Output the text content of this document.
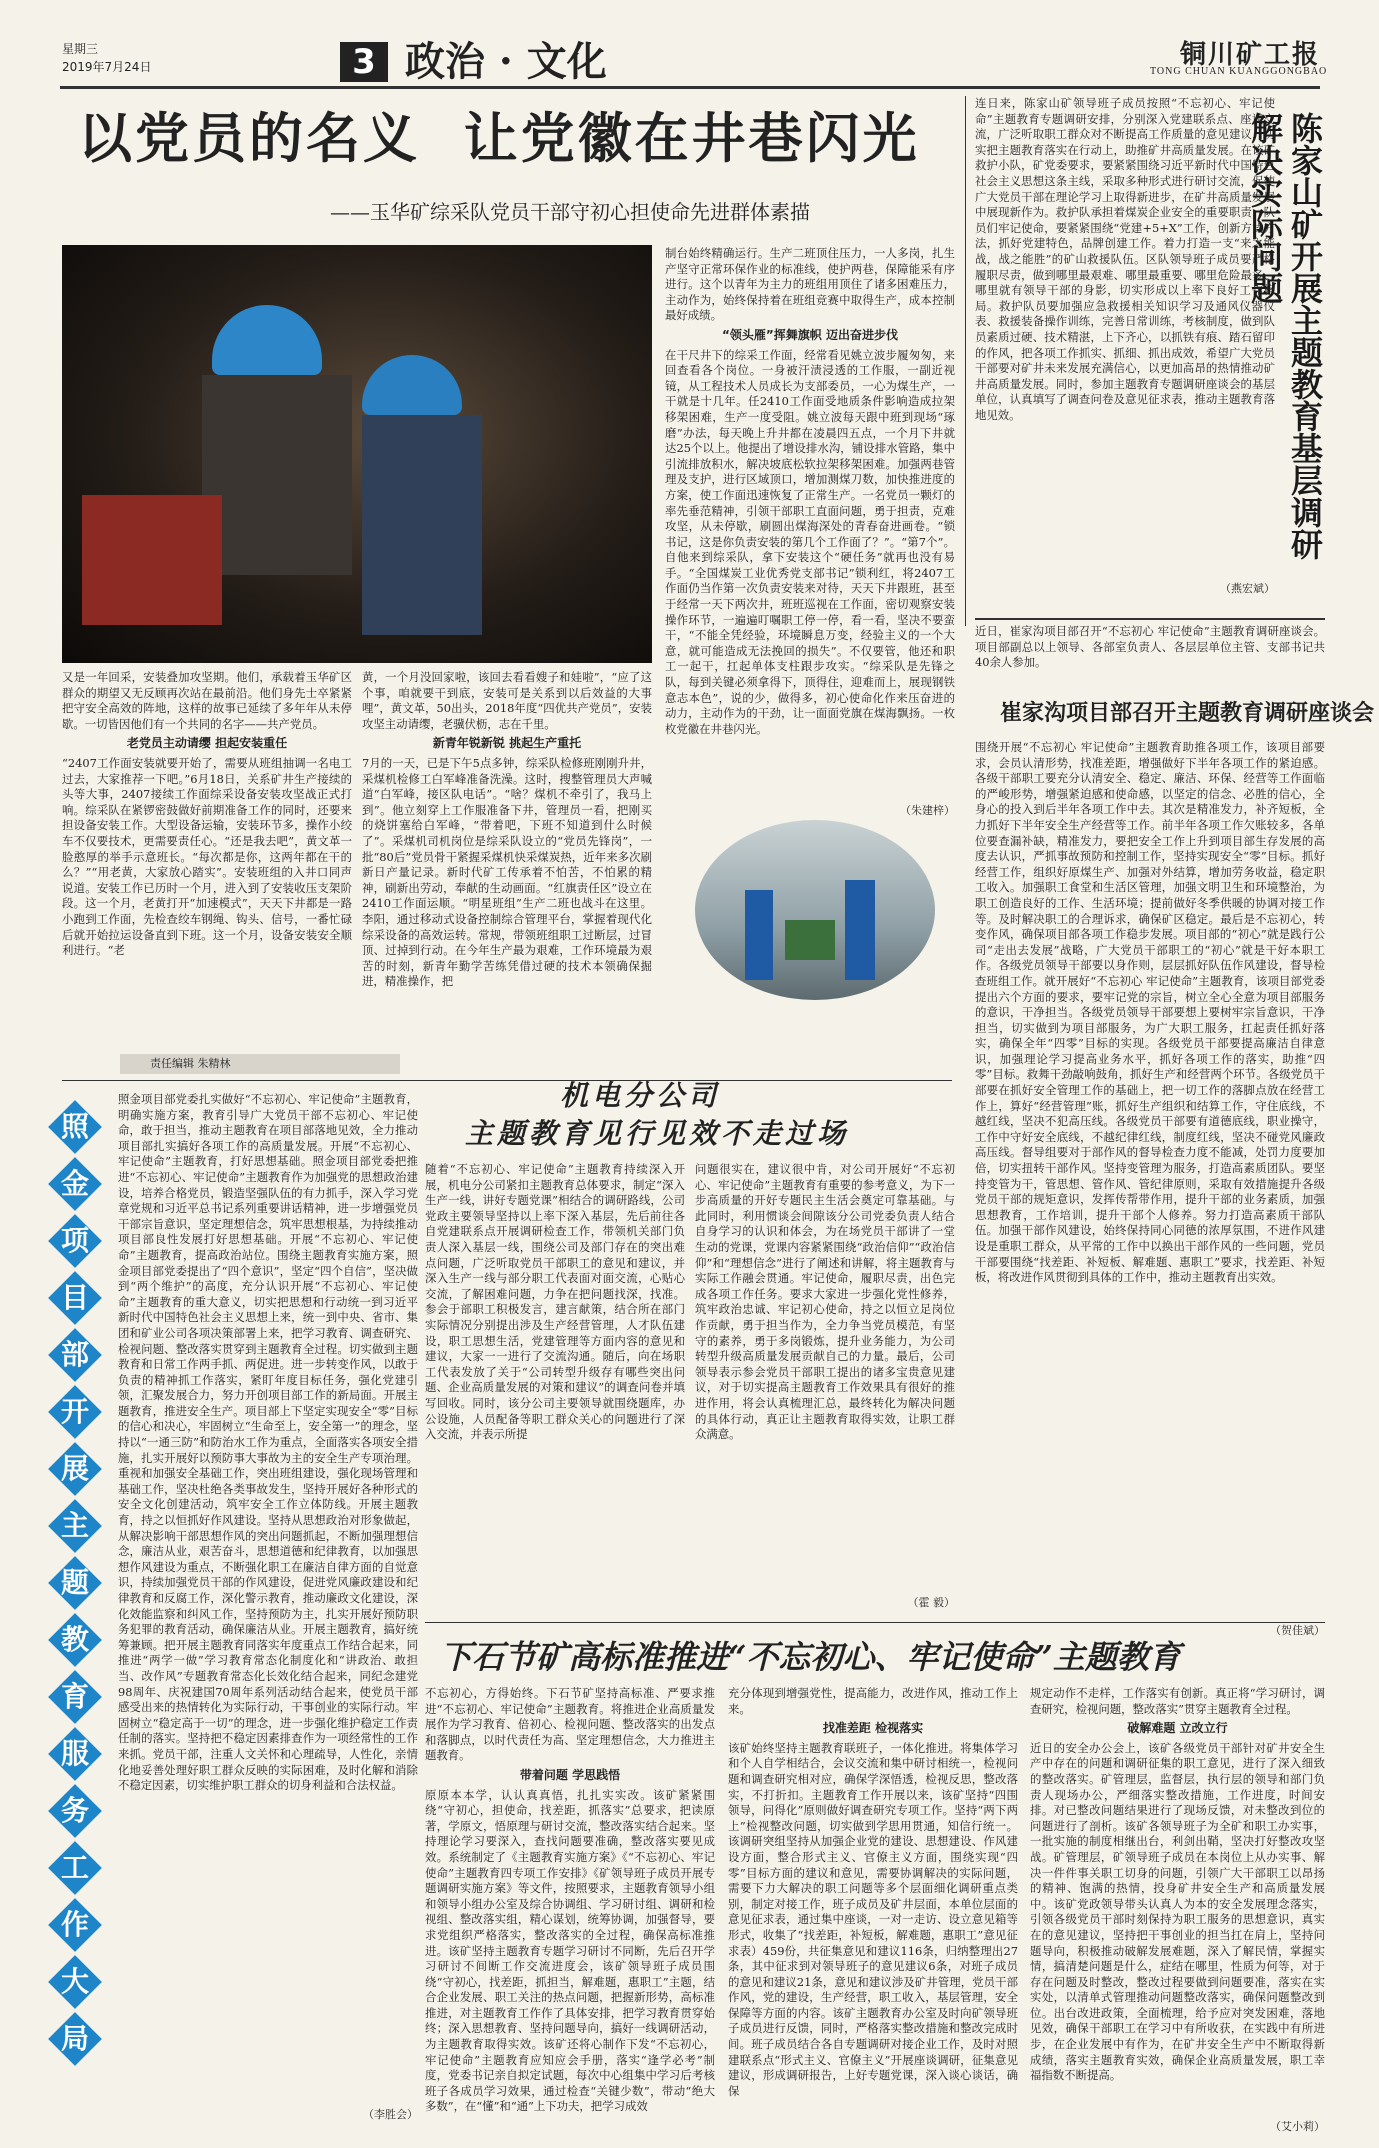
星期三
2019年7月24日	3 政治 · 文化	铜川矿工报
TONG CHUAN KUANGGONGBAO
以党员的名义  让党徽在井巷闪光
——玉华矿综采队党员干部守初心担使命先进群体素描
又是一年回采，安装叠加攻坚期。他们，承载着玉华矿区群众的期望又无反顾再次站在最前沿。他们身先士卒紧紧把守安全高效的阵地，这样的故事已延续了多年年从未停歇。一切皆因他们有一个共同的名字——共产党员。
老党员主动请缨 担起安装重任
“2407工作面安装就要开始了，需要从班组抽调一名电工过去，大家推荐一下吧。”6月18日，关系矿井生产接续的头等大事，2407接续工作面综采设备安装攻坚战正式打响。综采队在紧锣密鼓做好前期准备工作的同时，还要来担设备安装工作。大型设备运输，安装环节多，操作小绞车不仅要技术，更需要责任心。“还是我去吧”，黄文革一脸憨厚的举手示意班长。“每次都是你，这两年都在干的么？”“用老黄，大家放心踏实”。安装班组的入井口同声说道。安装工作已历时一个月，进入到了安装收压支架阶段。这一个月，老黄打开“加速模式”，天天下井都是一路小跑到工作面，先检查绞车钢绳、钩头、信号，一番忙碌后就开始拉运设备直到下班。这一个月，设备安装安全顺利进行。“老
黄，一个月没回家啦，该回去看看嫂子和娃啦”，“应了这个事，咱就要干到底，安装可是关系到以后效益的大事哩”，黄文革，50出头，2018年度“四优共产党员”，安装攻坚主动请缨，老骥伏枥，志在千里。
新青年锐新锐 挑起生产重托
7月的一天，已是下午5点多钟，综采队检修班刚刚升井，采煤机检修工白军峰准备洗澡。这时，搜整管理员大声喊道“白军峰，接区队电话”。“啥？煤机不牵引了，我马上到”。他立刻穿上工作服准备下井，管理员一看，把刚买的烧饼塞给白军峰，“带着吧，下班不知道到什么时候了”。采煤机司机岗位是综采队设立的“党员先锋岗”，一批“80后”党员骨干紧握采煤机快采煤炭热，近年来多次刷新日产量记录。新时代矿工传承着不怕苦，不怕累的精神，刷新出劳动，奉献的生动画面。“红旗责任区”设立在2410工作面运顺。“明星班组”生产二班也战斗在这里。李阳，通过移动式设备控制综合管理平台，掌握着现代化综采设备的高效运转。常规，带领班组职工过断层，过冒顶、过掉到行动。在今年生产最为艰难，工作环境最为艰苦的时刻，新青年勤学苦练凭借过硬的技术本领确保掘进，精准操作，把
制台始终精确运行。生产二班顶住压力，一人多岗，扎生产坚守正常环保作业的标准线，使护两巷，保障能采有序进行。这个以青年为主力的班组用顶住了诸多困难压力，主动作为，始终保持着在班组竞赛中取得生产，成本控制最好成绩。
“领头雁”挥舞旗帜 迈出奋进步伐
在干尺井下的综采工作面，经常看见姚立波步履匆匆，来回查看各个岗位。一身被汗渍浸透的工作服，一副近视镜，从工程技术人员成长为支部委员，一心为煤生产，一干就是十几年。任2410工作面受地质条件影响造成拉架移架困难，生产一度受阻。姚立波每天跟中班到现场“琢磨”办法，每天晚上升井都在凌晨四五点，一个月下井就达25个以上。他提出了增设排水沟，铺设排水管路，集中引流排放积水，解决坡底松软拉架移架困难。加强两巷管理及支护，进行区域顶口，增加测煤刀数，加快推进度的方案，使工作面迅速恢复了正常生产。一名党员一颗灯的率先垂范精神，引领干部职工直面问题，勇于担责，克难攻坚，从未停歇，刷圆出煤海深处的青春奋进画卷。“锁书记，这是你负责安装的第几个工作面了？”。“第7个”。自他来到综采队，拿下安装这个“硬任务”就再也没有易手。“全国煤炭工业优秀党支部书记”锁利红，将2407工作面仍当作第一次负责安装来对待，天天下井跟班，甚至于经常一天下两次井，班班巡视在工作面，密切观察安装操作环节，一遍遍叮嘱职工停一停，看一看，坚决不要蛮干，“不能全凭经验，环境瞬息万变，经验主义的一个大意，就可能造成无法挽回的损失”。不仅要管，他还和职工一起干，扛起单体支柱跟步攻实。“综采队是先锋之队，每到关键必须拿得下，顶得住，迎难而上，展现钢铁意志本色”，说的少，做得多，初心使命化作来压奋进的动力，主动作为的干劲，让一面面党旗在煤海飘扬。一枚枚党徽在井巷闪光。
（朱建梓）
责任编辑 朱精林
连日来，陈家山矿领导班子成员按照“不忘初心、牢记使命”主题教育专题调研安排，分别深入党建联系点、座谈交流，广泛听取职工群众对不断提高工作质量的意见建议，切实把主题教育落实在行动上，助推矿井高质量发展。在该矿救护小队，矿党委要求，要紧紧围绕习近平新时代中国特色社会主义思想这条主线，采取多种形式进行研讨交流，促使广大党员干部在理论学习上取得新进步，在矿井高质量发展中展现新作为。救护队承担着煤炭企业安全的重要职责，队员们牢记使命，要紧紧围绕“党建+5+X”工作，创新方式方法，抓好党建特色，品牌创建工作。着力打造一支“来之能战，战之能胜”的矿山救援队伍。区队领导班子成员要严格履职尽责，做到哪里最艰难、哪里最重要、哪里危险最多、哪里就有领导干部的身影，切实形成以上率下良好工作格局。救护队员要加强应急救援相关知识学习及通风仪器仪表、救援装备操作训练，完善日常训练，考核制度，做到队员素质过硬、技术精湛，上下齐心，以抓铁有痕、踏石留印的作风，把各项工作抓实、抓细、抓出成效，希望广大党员干部要对矿井未来发展充满信心，以更加高昂的热情推动矿井高质量发展。同时，参加主题教育专题调研座谈会的基层单位，认真填写了调查问卷及意见征求表，推动主题教育落地见效。
（燕宏斌）
陈家山矿开展主题教育基层调研解决实际问题
近日，崔家沟项目部召开“不忘初心 牢记使命”主题教育调研座谈会。项目部副总以上领导、各部室负责人、各层层单位主管、支部书记共40余人参加。
崔家沟项目部召开主题教育调研座谈会
围绕开展“不忘初心 牢记使命”主题教育助推各项工作，该项目部要求，会员认清形势，找准差距，增强做好下半年各项工作的紧迫感。各级干部职工要充分认清安全、稳定、廉洁、环保、经营等工作面临的严峻形势，增强紧迫感和使命感，以坚定的信念、必胜的信心，全身心的投入到后半年各项工作中去。其次是精准发力，补齐短板，全力抓好下半年安全生产经营等工作。前半年各项工作欠账较多，各单位要查漏补缺，精准发力，要把安全工作上升到项目部生存发展的高度去认识，严抓事故预防和控制工作，坚持实现安全“零”目标。抓好经营工作，组织好原煤生产、加强对外结算，增加劳务收益，稳定职工收入。加强职工食堂和生活区管理，加强文明卫生和环境整治，为职工创造良好的工作、生活环境；提前做好冬季供暖的协调对接工作等。及时解决职工的合理诉求，确保矿区稳定。最后是不忘初心，转变作风，确保项目部各项工作稳步发展。项目部的“初心”就是践行公司“走出去发展”战略，广大党员干部职工的“初心”就是干好本职工作。各级党员领导干部要以身作则，层层抓好队伍作风建设，督导检查班组工作。就开展好“不忘初心 牢记使命”主题教育，该项目部党委提出六个方面的要求，要牢记党的宗旨，树立全心全意为项目部服务的意识，干净担当。各级党员领导干部要想上要树牢宗旨意识，干净担当，切实做到为项目部服务，为广大职工服务，扛起责任抓好落实，确保全年“四零”目标的实现。各级党员干部要提高廉洁自律意识，加强理论学习提高业务水平，抓好各项工作的落实，助推“四零”目标。救舞干劲敲响鼓角，抓好生产和经营两个环节。各级党员干部要在抓好安全管理工作的基础上，把一切工作的落脚点放在经营工作上，算好“经营管理”账，抓好生产组织和结算工作，守住底线，不越红线，坚决不犯高压线。各级党员干部要有道德底线，职业操守，工作中守好安全底线，不越纪律红线，制度红线，坚决不碰党风廉政高压线。督导组要对于部作风的督导检查力度不能减，处罚力度要加倍，切实扭转干部作风。坚持变管理为服务，打造高素质团队。要坚持变管为干，管思想、管作风、管纪律原则，采取有效措施提升各级党员干部的规矩意识，发挥传帮带作用，提升干部的业务素质，加强思想教育，工作培训，提升干部个人修养。努力打造高素质干部队伍。加强干部作风建设，始终保持同心同德的浓厚氛围，不进作风建设是重职工群众，从平常的工作中以换出干部作风的一些问题，党员干部要围绕“找差距、补短板、解难题、惠职工”要求，找差距、补短板，将改进作风贯彻到具体的工作中，推动主题教育出实效。
（贺佳斌）
照
金
项
目
部
开
展
主
题
教
育
服
务
工
作
大
局
照金项目部党委扎实做好“不忘初心、牢记使命”主题教育，明确实施方案，教育引导广大党员干部不忘初心、牢记使命，敢于担当，推动主题教育在项目部落地见效，全力推动项目部扎实搞好各项工作的高质量发展。开展“不忘初心、牢记使命”主题教育，打好思想基础。照金项目部党委把推进“不忘初心、牢记使命”主题教育作为加强党的思想政治建设，培养合格党员，锻造坚强队伍的有力抓手，深入学习党章党规和习近平总书记系列重要讲话精神，进一步增强党员干部宗旨意识，坚定理想信念，筑牢思想根基，为持续推动项目部良性发展打好思想基础。开展“不忘初心、牢记使命”主题教育，提高政治站位。围绕主题教育实施方案，照金项目部党委提出了“四个意识”，坚定“四个自信”，坚决做到“两个维护”的高度，充分认识开展“不忘初心、牢记使命”主题教育的重大意义，切实把思想和行动统一到习近平新时代中国特色社会主义思想上来，统一到中央、省市、集团和矿业公司各项决策部署上来，把学习教育、调查研究、检视问题、整改落实贯穿到主题教育全过程。切实做到主题教育和日常工作两手抓、两促进。进一步转变作风，以敢于负责的精神抓工作落实，紧盯年度目标任务，强化党建引领，汇聚发展合力，努力开创项目部工作的新局面。开展主题教育，推进安全生产。项目部上下坚定实现安全“零”目标的信心和决心，牢固树立“生命至上，安全第一”的理念，坚持以“一通三防”和防治水工作为重点，全面落实各项安全措施，扎实开展好以预防事大事故为主的安全生产专项治理。重视和加强安全基础工作，突出班组建设，强化现场管理和基础工作，坚决杜绝各类事故发生，坚持开展好各种形式的安全文化创建活动，筑牢安全工作立体防线。开展主题教育，持之以恒抓好作风建设。坚持从思想政治对形象做起，从解决影响干部思想作风的突出问题抓起，不断加强理想信念，廉洁从业，艰苦奋斗，思想道德和纪律教育，以加强思想作风建设为重点，不断强化职工在廉洁自律方面的自觉意识，持续加强党员干部的作风建设，促进党风廉政建设和纪律教育和反腐工作，深化警示教育，推动廉政文化建设，深化效能监察和纠风工作，坚持预防为主，扎实开展好预防职务犯罪的教育活动，确保廉洁从业。开展主题教育，搞好统筹兼顾。把开展主题教育同落实年度重点工作结合起来，同推进“两学一做”学习教育常态化制度化和“讲政治、敢担当、改作风”专题教育常态化长效化结合起来，同纪念建党98周年、庆祝建国70周年系列活动结合起来，使党员干部感受出来的热情转化为实际行动，干事创业的实际行动。牢固树立“稳定高于一切”的理念，进一步强化维护稳定工作责任制的落实。坚持把不稳定因素排查作为一项经常性的工作来抓。党员干部，注重人文关怀和心理疏导，人性化，亲情化地妥善处理好职工群众反映的实际困难，及时化解和消除不稳定因素，切实维护职工群众的切身利益和合法权益。
（李胜会）
机电分公司
主题教育见行见效不走过场
随着“不忘初心、牢记使命”主题教育持续深入开展，机电分公司紧扣主题教育总体要求，制定“深入生产一线，讲好专题党课”相结合的调研路线，公司党政主要领导坚持以上率下深入基层，先后前往各自党建联系点开展调研检查工作，带领机关部门负责人深入基层一线，围绕公司及部门存在的突出难点问题，广泛听取党员干部职工的意见和建议，并深入生产一线与部分职工代表面对面交流，心贴心交流，了解困难问题，力争在把问题找深，找准。参会于部职工积极发言，建言献策，结合所在部门实际情况分别提出涉及生产经营管理，人才队伍建设，职工思想生活，党建管理等方面内容的意见和建议，大家一一进行了交流沟通。随后，向在场职工代表发放了关于“公司转型升级存有哪些突出问题、企业高质量发展的对策和建议”的调查问卷并填写回收。同时，该分公司主要领导就围绕题库，办公设施，人员配备等职工群众关心的问题进行了深入交流，并表示所提
问题很实在，建议很中肯，对公司开展好“不忘初心、牢记使命”主题教育有重要的参考意义，为下一步高质量的开好专题民主生活会奠定可靠基础。与此同时，利用惯谈会间隙该分公司党委负责人结合自身学习的认识和体会，为在场党员干部讲了一堂生动的党课，党课内容紧紧围绕“政治信仰”“政治信仰”和“理想信念”进行了阐述和讲解，将主题教育与实际工作融会贯通。牢记使命，履职尽责，出色完成各项工作任务。要求大家进一步强化党性修养，筑牢政治忠诚、牢记初心使命，持之以恒立足岗位作贡献，勇于担当作为，全力争当党员模范，有坚守的素养，勇于多岗锻炼，提升业务能力，为公司转型升级高质量发展贡献自己的力量。最后，公司领导表示参会党员干部职工提出的诸多宝贵意见建议，对于切实提高主题教育工作效果具有很好的推进作用，将会认真梳理汇总，最终转化为解决问题的具体行动，真正让主题教育取得实效，让职工群众满意。
（霍 毅）
下石节矿高标准推进“不忘初心、牢记使命”主题教育
不忘初心，方得始终。下石节矿坚持高标准、严要求推进“不忘初心、牢记使命”主题教育。将推进企业高质量发展作为学习教育、倍初心、检视问题、整改落实的出发点和落脚点，以时代责任为高、坚定理想信念，大力推进主题教育。
带着问题 学思践悟
原原本本学，认认真真悟，扎扎实实改。该矿紧紧围绕“守初心，担使命，找差距，抓落实”总要求，把读原著，学原文，悟原理与研讨交流，整改落实结合起来。坚持理论学习要深入，查找问题要准确，整改落实要见成效。系统制定了《主题教育实施方案》《“不忘初心、牢记使命”主题教育四专项工作安排》《矿领导班子成员开展专题调研实施方案》等文件，按照要求，主题教育领导小组和领导小组办公室及综合协调组、学习研讨组、调研和检视组、整改落实组，精心谋划，统筹协调，加强督导，要求党组织严格落实，整改落实的全过程，确保高标准推进。该矿坚持主题教育专题学习研讨不同断，先后召开学习研讨不间断工作交流进度会，该矿领导班子成员围绕“守初心，找差距，抓担当，解难题，惠职工”主题，结合企业发展、职工关注的热点问题，把握新形势，高标准推进，对主题教育工作作了具体安排，把学习教育贯穿始终；深入思想教育、坚持问题导向，搞好一线调研活动，为主题教育取得实效。该矿还将心制作下发“不忘初心，牢记使命”主题教育应知应会手册，落实“逢学必考”制度，党委书记亲自拟定试题，每次中心组集中学习后考核班子各成员学习效果，通过检查“关键少数”，带动“绝大多数”，在“懂”和“通”上下功夫，把学习成效
充分体现到增强党性，提高能力，改进作风，推动工作上来。
找准差距 检视落实
该矿始终坚持主题教育联班子，一体化推进。将集体学习和个人自学相结合，会议交流和集中研讨相统一，检视问题和调查研究相对应，确保学深悟透，检视反思，整改落实，不打折扣。主题教育工作开展以来，该矿坚持“四围领导，问得化”原则做好调查研究专项工作。坚持“两下两上”检视整改问题，切实做到学思用贯通，知信行统一。该调研突组坚持从加强企业党的建设、思想建设、作风建设方面，整合形式主义、官僚主义方面，围绕实现“四零”目标方面的建议和意见，需要协调解决的实际问题，需要下力大解决的职工问题等多个层面细化调研重点类别，制定对接工作，班子成员及矿井层面，本单位层面的意见征求表，通过集中座谈，一对一走访、设立意见箱等形式，收集了“找差距，补短板，解难题，惠职工”意见征求表）459份，共征集意见和建议116条，归纳整理出27条，其中征求到对领导班子的意见建议6条，对班子成员的意见和建议21条，意见和建议涉及矿井管理，党员干部作风，党的建设，生产经营，职工收入，基层管理，安全保障等方面的内容。该矿主题教育办公室及时向矿领导班子成员进行反馈，同时，严格落实整改措施和整改完成时间。班子成员结合各自专题调研对接企业工作，及时对照建联系点“形式主义、官僚主义”开展座谈调研，征集意见建议，形成调研报告，上好专题党课，深入谈心谈话，确保
规定动作不走样，工作落实有创新。真正将“学习研讨，调查研究，检视问题，整改落实”贯穿主题教育全过程。
破解难题 立改立行
近日的安全办公会上，该矿各级党员干部针对矿井安全生产中存在的问题和调研征集的职工意见，进行了深入细致的整改落实。矿管理层，监督层，执行层的领导和部门负责人现场办公，严细落实整改措施，工作进度，时间安排。对已整改问题结果进行了现场反馈，对未整改到位的问题进行了剖析。该矿各领导班子为全矿和职工办实事，一批实施的制度相继出台，利剑出鞘，坚决打好整改攻坚战。矿管理层，矿领导班子成员在本岗位上从办实事、解决一件件事关职工切身的问题，引领广大干部职工以昂扬的精神、饱满的热情，投身矿井安全生产和高质量发展中。该矿党政领导带头认真人为本的安全发展理念落实，引领各级党员干部时刻保持为职工服务的思想意识，真实在的意见建议，坚持把干事创业的担当扛在肩上，坚持问题导向，积极推动破解发展难题，深入了解民情，掌握实情，搞清楚问题是什么，症结在哪里，性质为何等，对于存在问题及时整改，整改过程要做到问题要准，落实在实实处，以清单式管理推动问题整改落实，确保问题整改到位。出台改进政策，全面梳理，给予应对突发困难，落地见效，确保干部职工在学习中有所收获，在实践中有所进步，在企业发展中有作为，在矿井安全生产中不断取得新成绩，落实主题教育实效，确保企业高质量发展，职工幸福指数不断提高。
（艾小莉）
